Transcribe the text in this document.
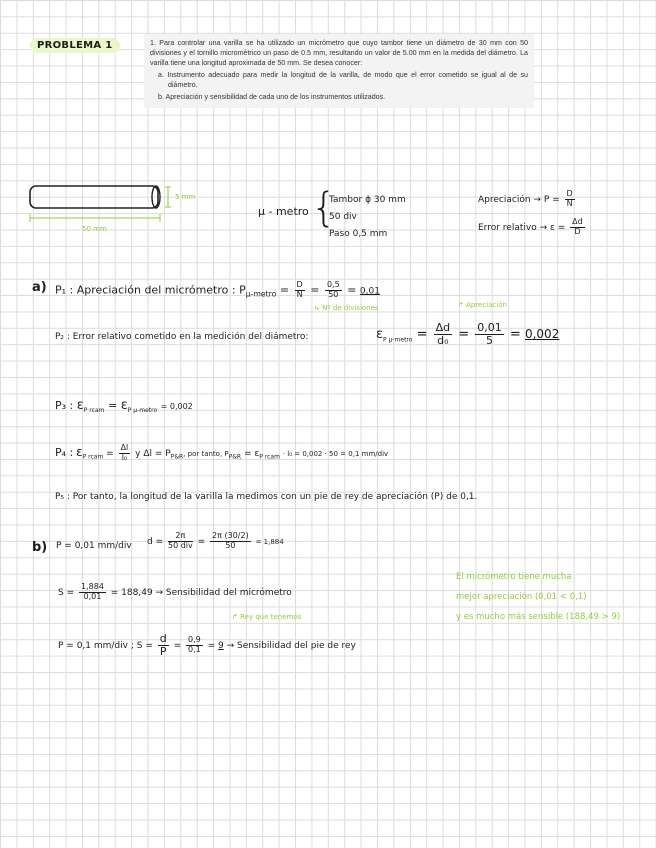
PROBLEMA 1	1. Para controlar una varilla se ha utilizado un micrómetro que cuyo tambor tiene un diámetro de 30 mm con 50 divisiones y el tornillo micrométrico un paso de 0.5 mm, resultando un valor de 5.00 mm en la medida del diámetro. La varilla tiene una longitud aproximada de 50 mm. Se desea conocer:

a. Instrumento adecuado para medir la longitud de la varilla, de modo que el error cometido se igual al de su diámetro.

b. Apreciación y sensibilidad de cada uno de los instrumentos utilizados.

5 mm
50 mm
μ - metro {
Tambor ϕ 30 mm
50 div
Paso 0,5 mm
Apreciación → $P = \frac{D}{N}$
Error relativo → $\varepsilon = \frac{\Delta d}{D}$
a) P₁ : Apreciación del micrómetro : $P_{\mu-metro} = \frac{D}{N} = \frac{0,5}{50} = 0,01$
↳ Nº de divisiones	↱ Apreciación
P₂ : Error relativo cometido en la medición del diámetro:	$\varepsilon_{P \mu-metro} = \frac{\Delta d}{\text{d₀}} = \frac{0,01}{5} = 0,002$
P₃ : $\varepsilon_{P rcam} = \varepsilon_{P \mu-metro} = 0,002$
P₄ : $\varepsilon_{P rcam} = \frac{\Delta l}{\text{l₀}}$ y $\Delta l = P_{P\&R}$, por tanto, $P_{P\&R} = \varepsilon_{P rcam} \cdot l_0 = 0,002 \cdot 50 = 0,1$ mm/div
P₅ : Por tanto, la longitud de la varilla la medimos con un pie de rey de apreciación (P) de 0,1.
b) P = 0,01 mm/div $d = \frac{2\pi}{\text{50 div}} = \frac{2\pi (30/2)}{50} = 1,884$
$S = \frac{1,884}{0,01} = 188,49$ → Sensibilidad del micrómetro
↱ Rey que tenemos
P = 0,1 mm/div ; $S = \frac{d}{P} = \frac{0,9}{0,1} = 9$ → Sensibilidad del pie de rey
El micrómetro tiene mucha
mejor apreciación (0,01 < 0,1)
y es mucho más sensible (188,49 > 9)
